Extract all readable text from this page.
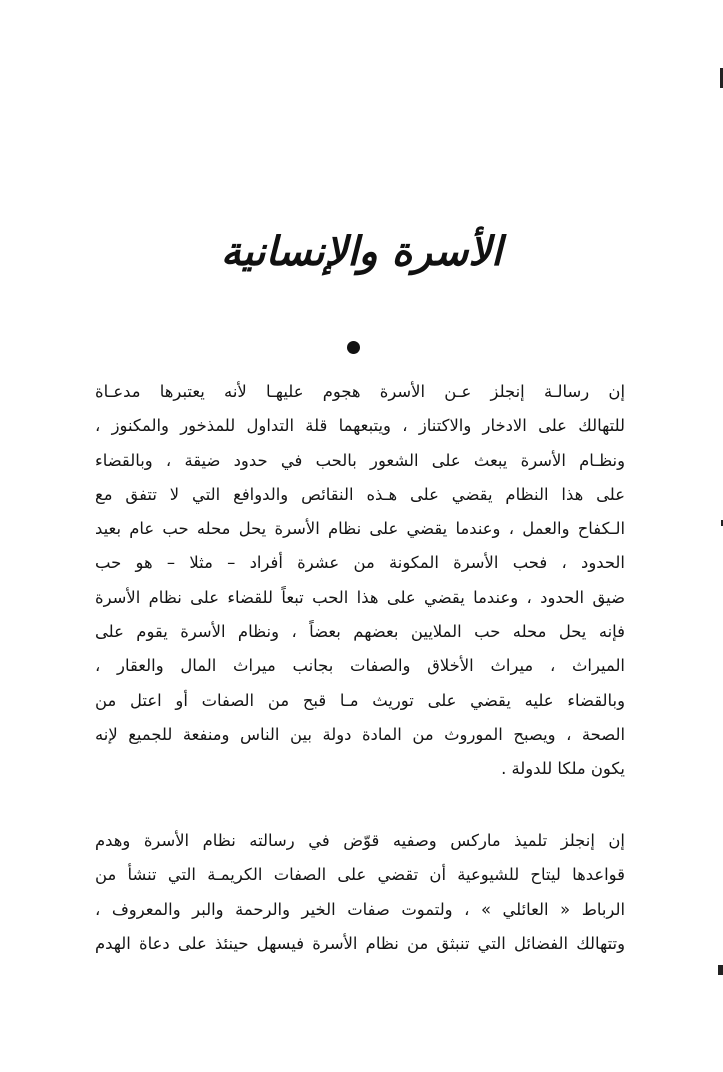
الأسرة والإنسانية
إن رسالـة إنجلز عـن الأسرة هجوم عليهـا لأنه يعتبرها مدعـاة
للتهالك على الادخار والاكتناز ، ويتبعهما قلة التداول للمذخور والمكنوز ،
ونظـام الأسرة يبعث على الشعور بالحب في حدود ضيقة ، وبالقضاء
على هذا النظام يقضي على هـذه النقائص والدوافع التي لا تتفق مع
الـكفاح والعمل ، وعندما يقضي على نظام الأسرة يحل محله حب عام بعيد
الحدود ، فحب الأسرة المكونة من عشرة أفراد – مثلا – هو حب
ضيق الحدود ، وعندما يقضي على هذا الحب تبعاً للقضاء على نظام الأسرة
فإنه يحل محله حب الملايين بعضهم بعضاً ، ونظام الأسرة يقوم على
الميراث ، ميراث الأخلاق والصفات بجانب ميراث المال والعقار ،
وبالقضاء عليه يقضي على توريث مـا قبح من الصفات أو اعتل من
الصحة ، ويصبح الموروث من المادة دولة بين الناس ومنفعة للجميع لإنه
يكون ملكا للدولة .
إن إنجلز تلميذ ماركس وصفيه قوّض في رسالته نظام الأسرة وهدم
قواعدها ليتاح للشيوعية أن تقضي على الصفات الكريمـة التي تنشأ من
الرباط « العائلي » ، ولتموت صفات الخير والرحمة والبر والمعروف ،
وتتهالك الفضائل التي تنبثق من نظام الأسرة فيسهل حينئذ على دعاة الهدم
